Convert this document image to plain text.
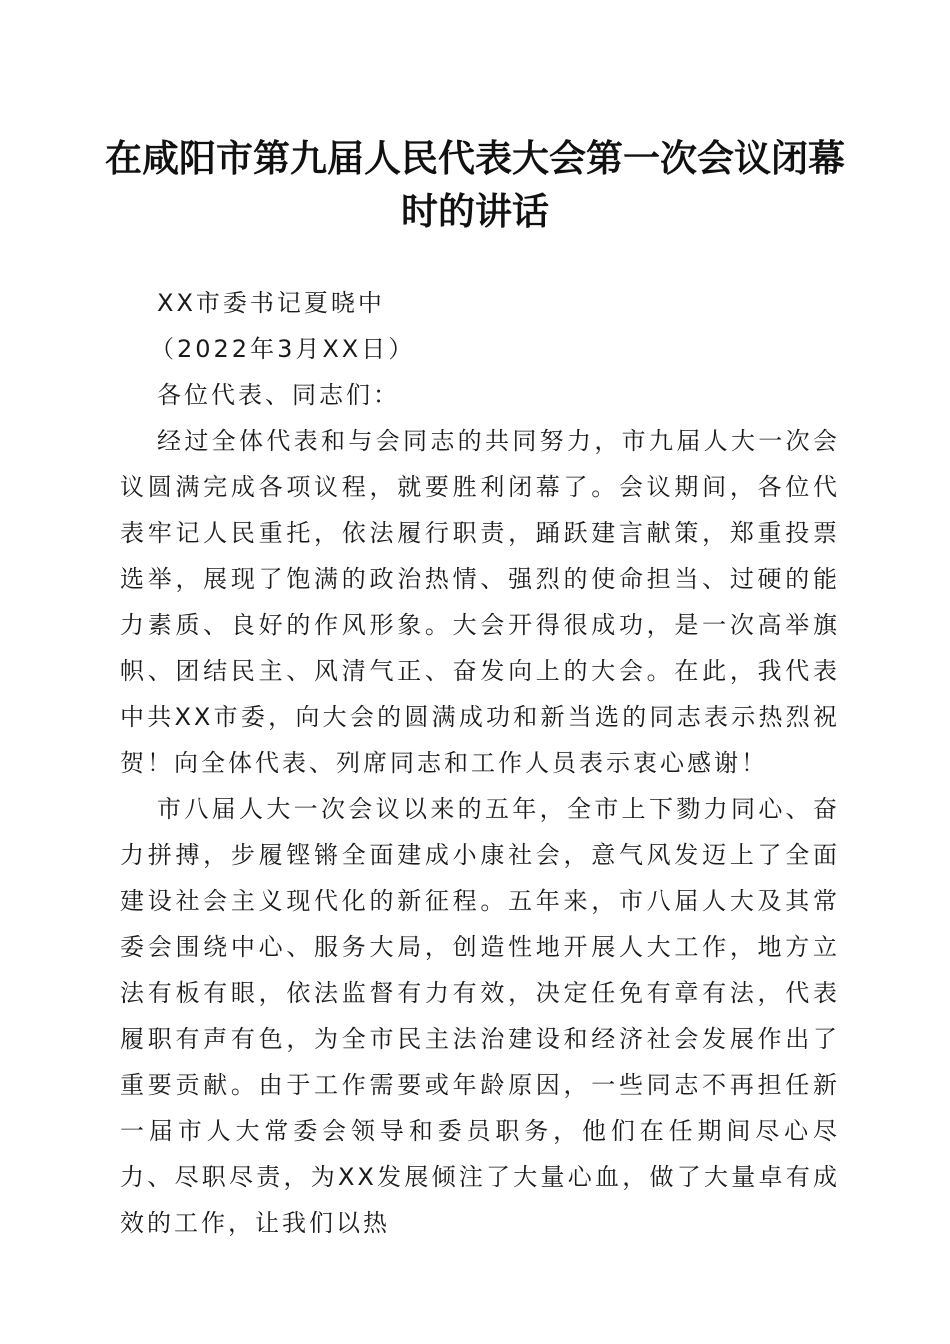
在咸阳市第九届人民代表大会第一次会议闭幕时的讲话

XX市委书记夏晓中

（2022年3月XX日）

各位代表、同志们：

经过全体代表和与会同志的共同努力，市九届人大一次会议圆满完成各项议程，就要胜利闭幕了。会议期间，各位代表牢记人民重托，依法履行职责，踊跃建言献策，郑重投票选举，展现了饱满的政治热情、强烈的使命担当、过硬的能力素质、良好的作风形象。大会开得很成功，是一次高举旗帜、团结民主、风清气正、奋发向上的大会。在此，我代表中共XX市委，向大会的圆满成功和新当选的同志表示热烈祝贺！向全体代表、列席同志和工作人员表示衷心感谢！

市八届人大一次会议以来的五年，全市上下勠力同心、奋力拼搏，步履铿锵全面建成小康社会，意气风发迈上了全面建设社会主义现代化的新征程。五年来，市八届人大及其常委会围绕中心、服务大局，创造性地开展人大工作，地方立法有板有眼，依法监督有力有效，决定任免有章有法，代表履职有声有色，为全市民主法治建设和经济社会发展作出了重要贡献。由于工作需要或年龄原因，一些同志不再担任新一届市人大常委会领导和委员职务，他们在任期间尽心尽力、尽职尽责，为XX发展倾注了大量心血，做了大量卓有成效的工作，让我们以热
